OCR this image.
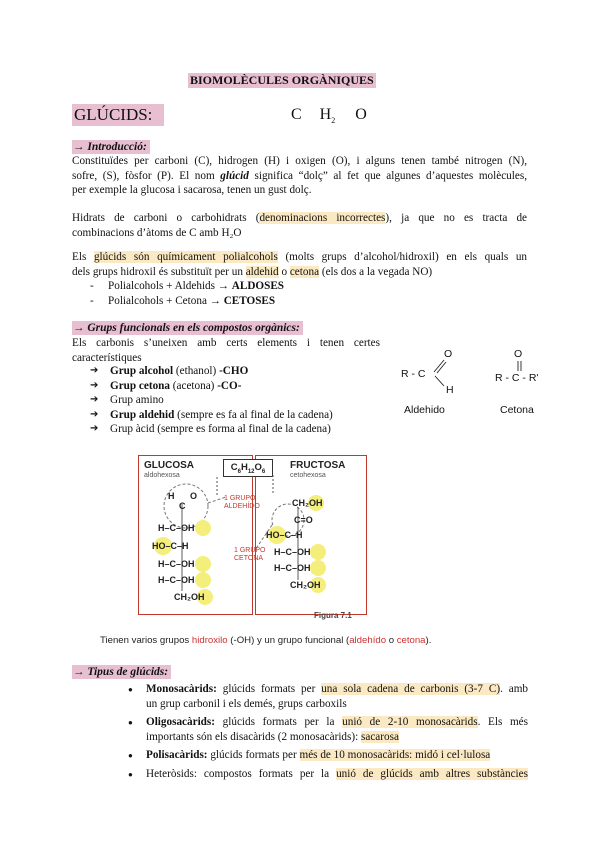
BIOMOLÈCULES ORGÀNIQUES
GLÚCIDS:	C $H_2$ O
→ Introducció:
Constituïdes per carboni (C), hidrogen (H) i oxigen (O), i alguns tenen també nitrogen (N),
sofre, (S), fòsfor (P). El nom glúcid significa “dolç” al fet que algunes d’aquestes molècules,
per exemple la glucosa i sacarosa, tenen un gust dolç.
Hidrats de carboni o carbohidrats (denominacions incorrectes), ja que no es tracta de
combinacions d’àtoms de C amb H₂O
Els glúcids són químicament polialcohols (molts grups d’alcohol/hidroxil) en els quals un
dels grups hidroxil és substituït per un aldehid o cetona (els dos a la vegada NO)
- Polialcohols + Aldehids → ALDOSES
- Polialcohols + Cetona → CETOSES
→ Grups funcionals en els compostos orgànics:
Els carbonis s’uneixen amb certs elements i tenen certes
característiques
➔ Grup alcohol (ethanol) -CHO
➔ Grup cetona (acetona) -CO-
➔ Grup amino
➔ Grup aldehid (sempre es fa al final de la cadena)
➔ Grup àcid (sempre es forma al final de la cadena)
O
R - C
H
Aldehido
O
R - C - R'
Cetona
$C_6H_{12}O_6$
GLUCOSA
aldohexosa
FRUCTOSA
cetohexosa
H
C
O
H–C–OH
HO–C–H
H–C–OH
H–C–OH
CH₂OH
1 GRUPO
ALDEHÍDO	CH₂OH
C=O
HO–C–H
H–C–OH
H–C–OH
CH₂OH
1 GRUPO
CETONA
Figura 7.1
Tienen varios grupos hidroxilo (-OH) y un grupo funcional (aldehído o cetona).
→ Tipus de glúcids:
● Monosacàrids: glúcids formats per una sola cadena de carbonis (3-7 C). amb
un grup carbonil i els demés, grups carboxils
● Oligosacàrids: glúcids formats per la unió de 2-10 monosacàrids. Els més
importants són els disacàrids (2 monosacàrids): sacarosa
● Polisacàrids: glúcids formats per més de 10 monosacàrids: midó i cel·lulosa
● Heteròsids: compostos formats per la unió de glúcids amb altres substàncies
